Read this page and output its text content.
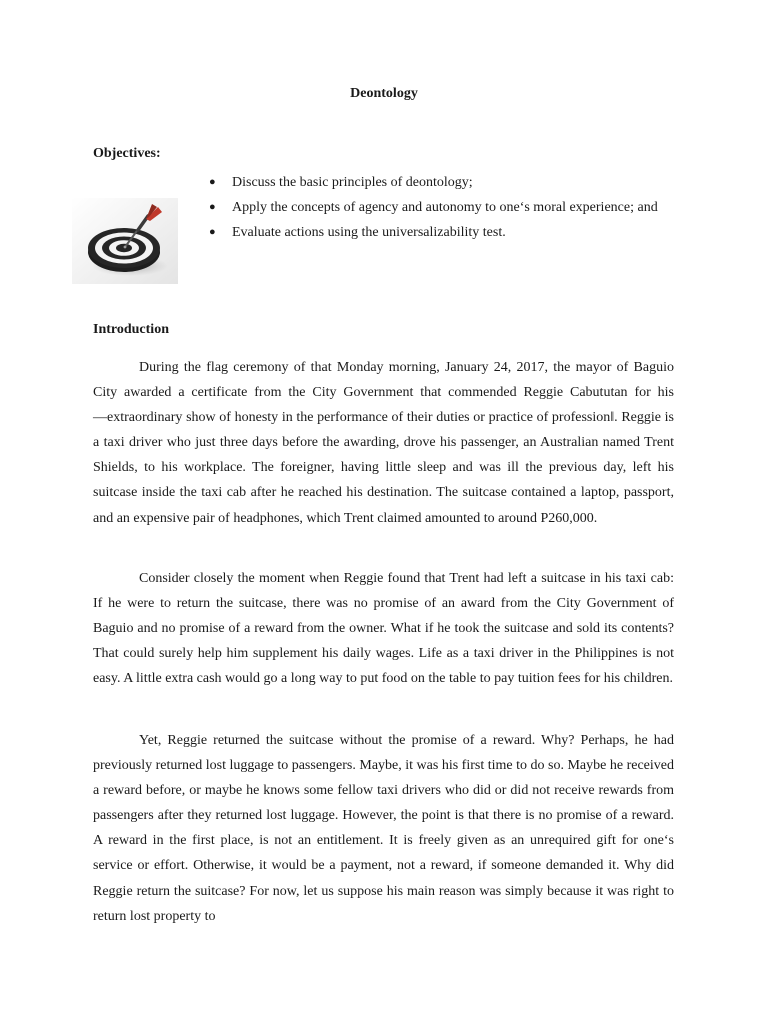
Deontology
Objectives:
● Discuss the basic principles of deontology;
● Apply the concepts of agency and autonomy to one‘s moral experience; and
● Evaluate actions using the universalizability test.
Introduction

During the flag ceremony of that Monday morning, January 24, 2017, the mayor of Baguio City awarded a certificate from the City Government that commended Reggie Cabututan for his ―extraordinary show of honesty in the performance of their duties or practice of profession‖. Reggie is a taxi driver who just three days before the awarding, drove his passenger, an Australian named Trent Shields, to his workplace. The foreigner, having little sleep and was ill the previous day, left his suitcase inside the taxi cab after he reached his destination. The suitcase contained a laptop, passport, and an expensive pair of headphones, which Trent claimed amounted to around P260,000.

Consider closely the moment when Reggie found that Trent had left a suitcase in his taxi cab: If he were to return the suitcase, there was no promise of an award from the City Government of Baguio and no promise of a reward from the owner. What if he took the suitcase and sold its contents? That could surely help him supplement his daily wages. Life as a taxi driver in the Philippines is not easy. A little extra cash would go a long way to put food on the table to pay tuition fees for his children.

Yet, Reggie returned the suitcase without the promise of a reward. Why? Perhaps, he had previously returned lost luggage to passengers. Maybe, it was his first time to do so. Maybe he received a reward before, or maybe he knows some fellow taxi drivers who did or did not receive rewards from passengers after they returned lost luggage. However, the point is that there is no promise of a reward. A reward in the first place, is not an entitlement. It is freely given as an unrequired gift for one‘s service or effort. Otherwise, it would be a payment, not a reward, if someone demanded it. Why did Reggie return the suitcase? For now, let us suppose his main reason was simply because it was right to return lost property to
